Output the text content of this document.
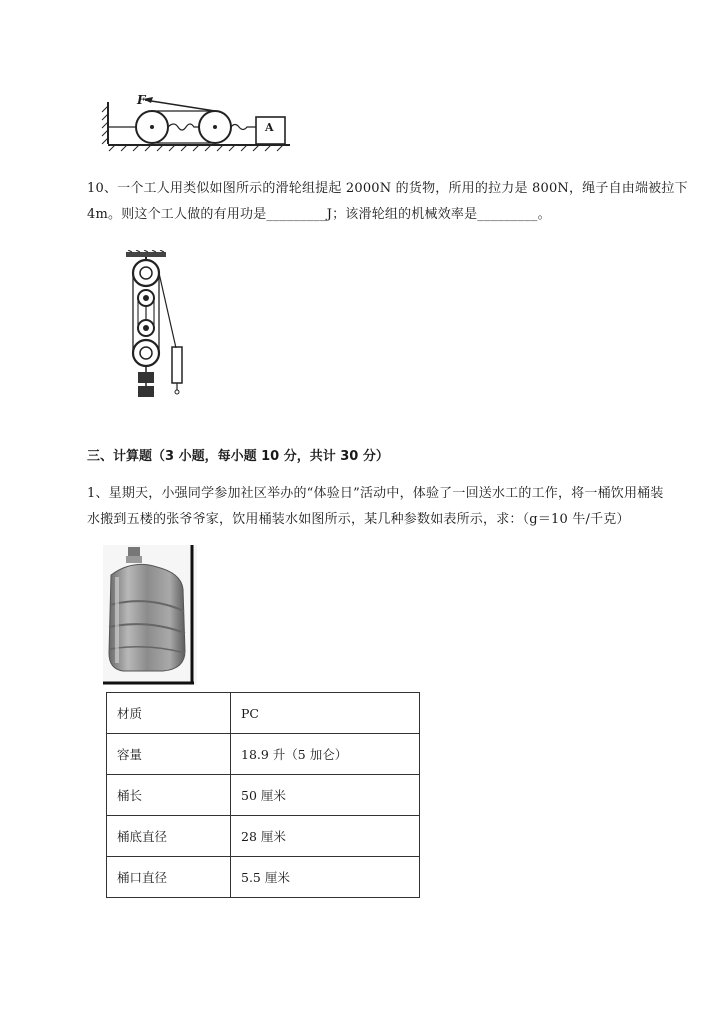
F
A
10、一个工人用类似如图所示的滑轮组提起 2000N 的货物，所用的拉力是 800N，绳子自由端被拉下
4m。则这个工人做的有用功是_________J；该滑轮组的机械效率是_________。
三、计算题（3 小题，每小题 10 分，共计 30 分）
1、星期天，小强同学参加社区举办的“体验日”活动中，体验了一回送水工的工作，将一桶饮用桶装
水搬到五楼的张爷爷家，饮用桶装水如图所示，某几种参数如表所示，求：（g＝10 牛/千克）
材质	PC
容量	18.9 升（5 加仑）
桶长	50 厘米
桶底直径	28 厘米
桶口直径	5.5 厘米
